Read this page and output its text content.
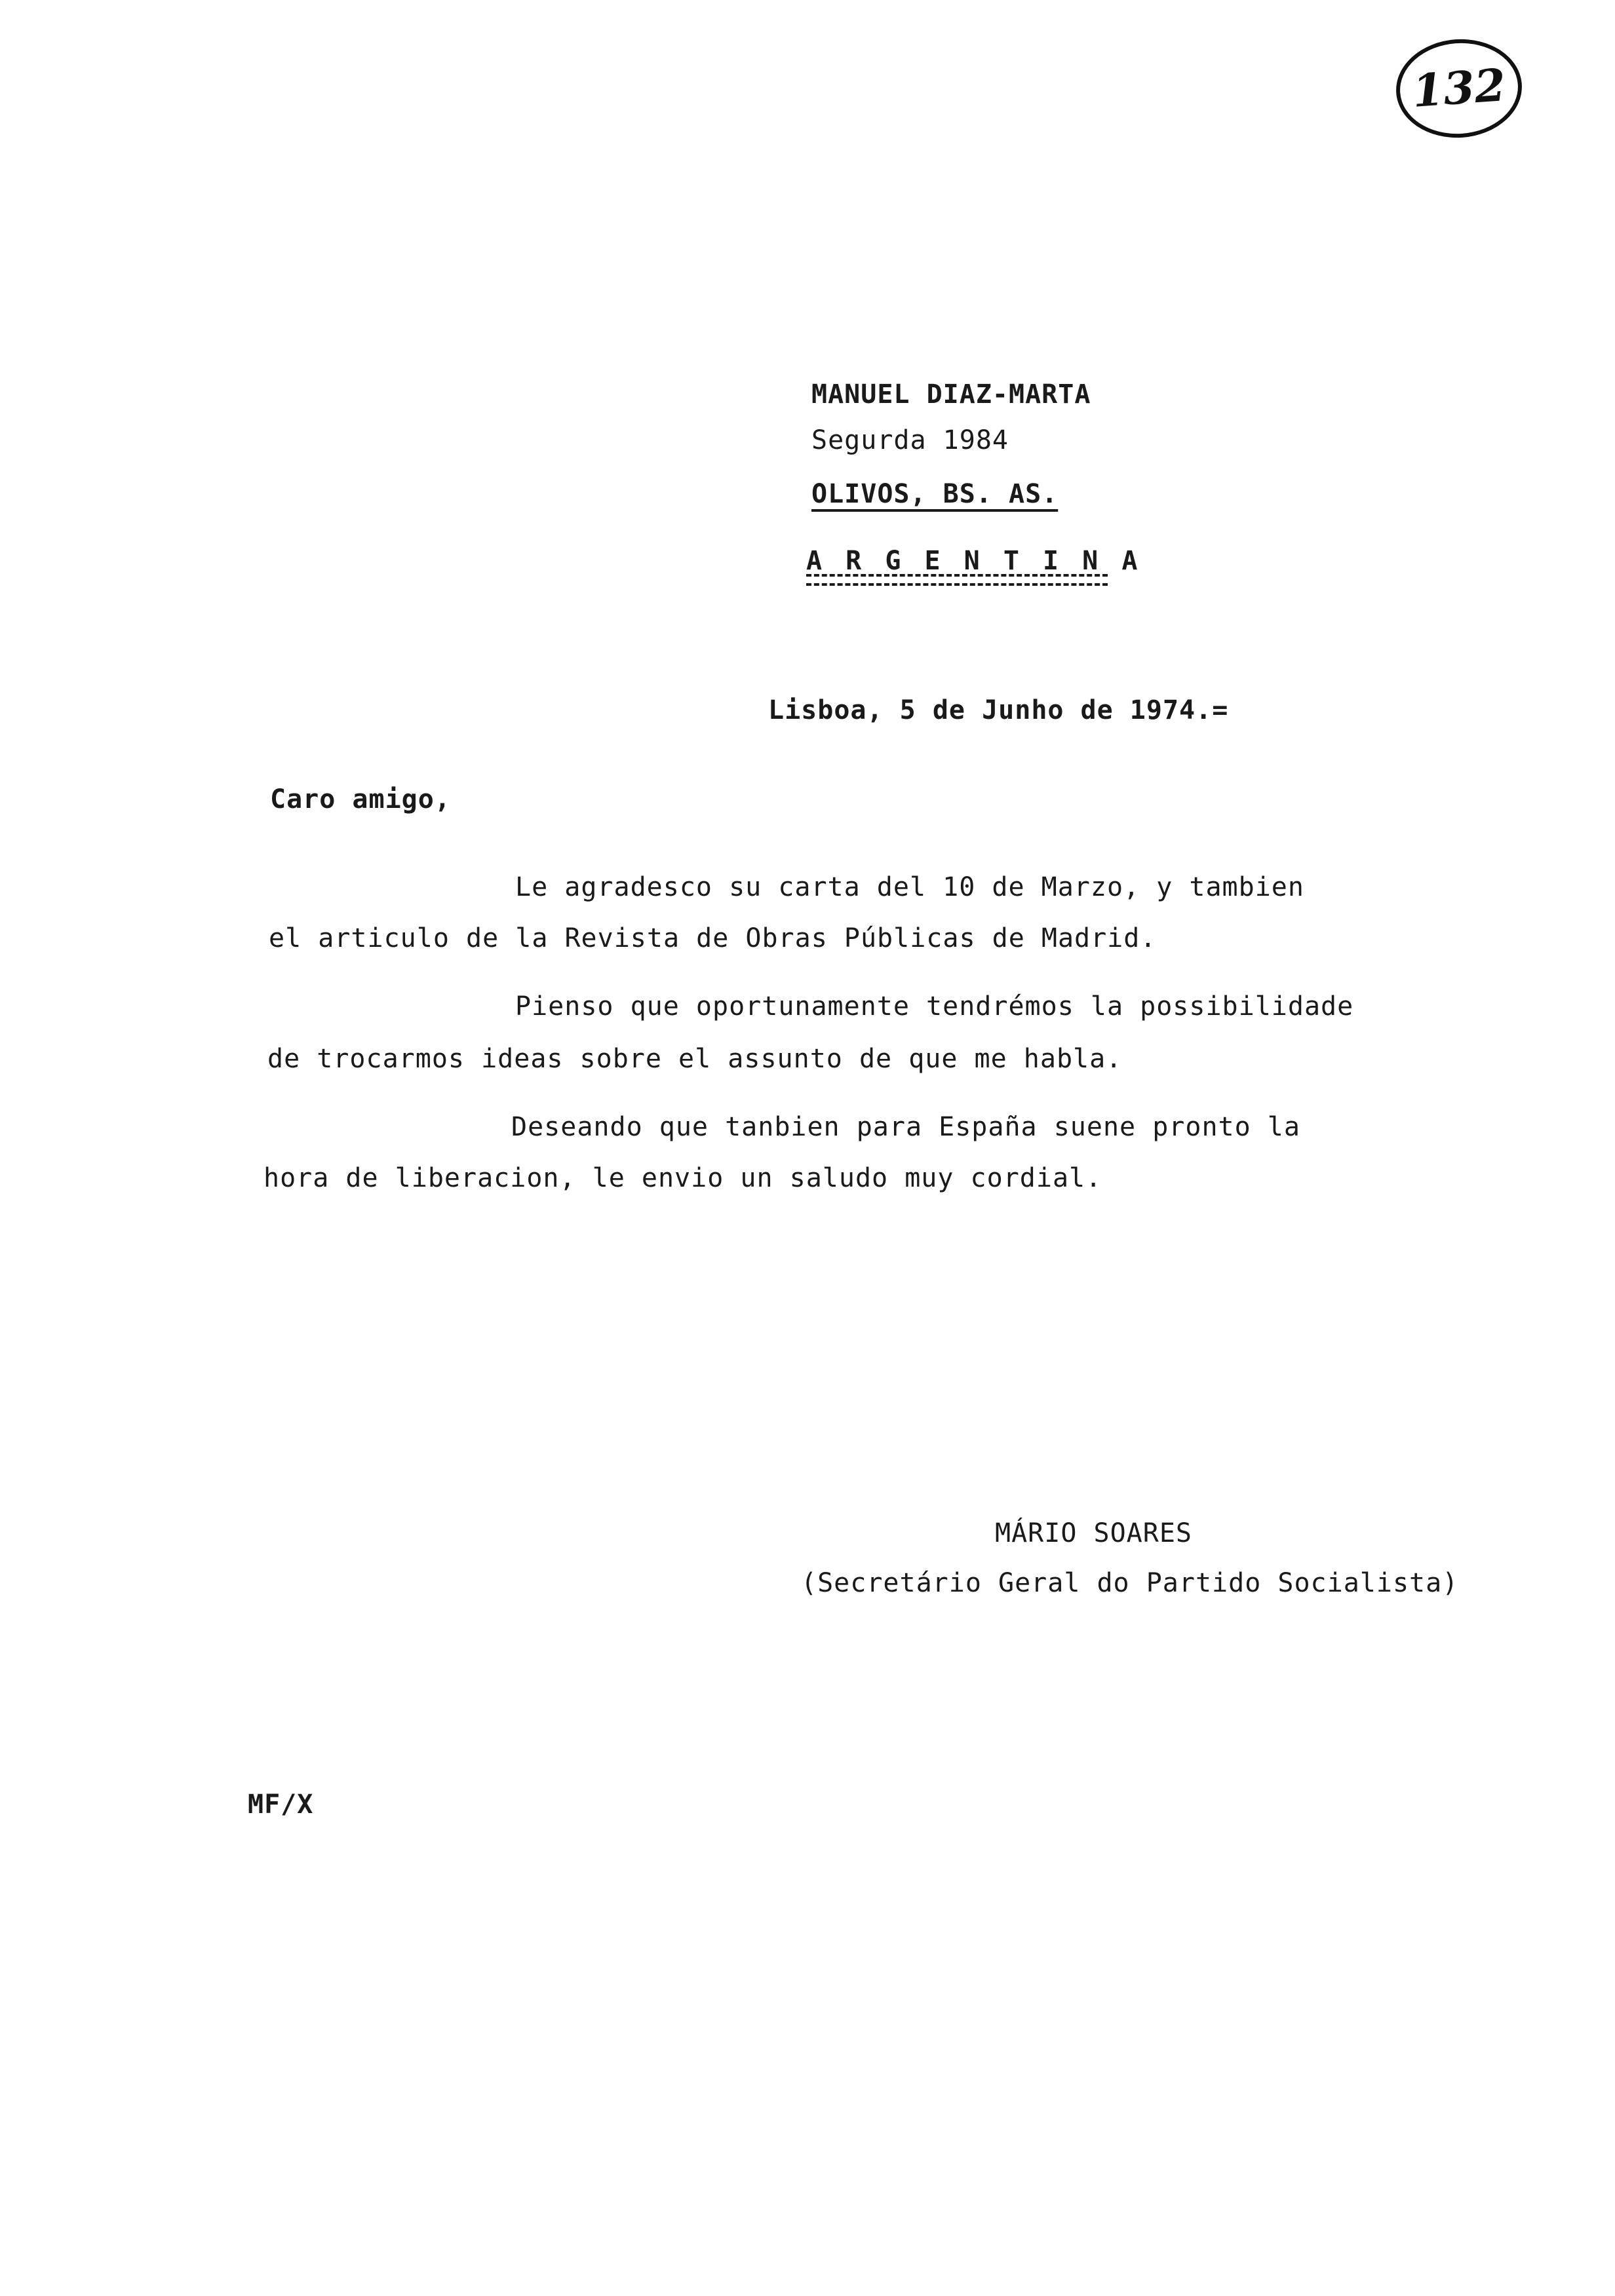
132
MANUEL DIAZ-MARTA
Segurda 1984
OLIVOS, BS. AS.
A R G E N T I N A
Lisboa, 5 de Junho de 1974.=
Caro amigo,
Le agradesco su carta del 10 de Marzo, y tambien
el articulo de la Revista de Obras Públicas de Madrid.
Pienso que oportunamente tendrémos la possibilidade
de trocarmos ideas sobre el assunto de que me habla.
Deseando que tanbien para España suene pronto la
hora de liberacion, le envio un saludo muy cordial.
MÁRIO SOARES
(Secretário Geral do Partido Socialista)
MF/X
